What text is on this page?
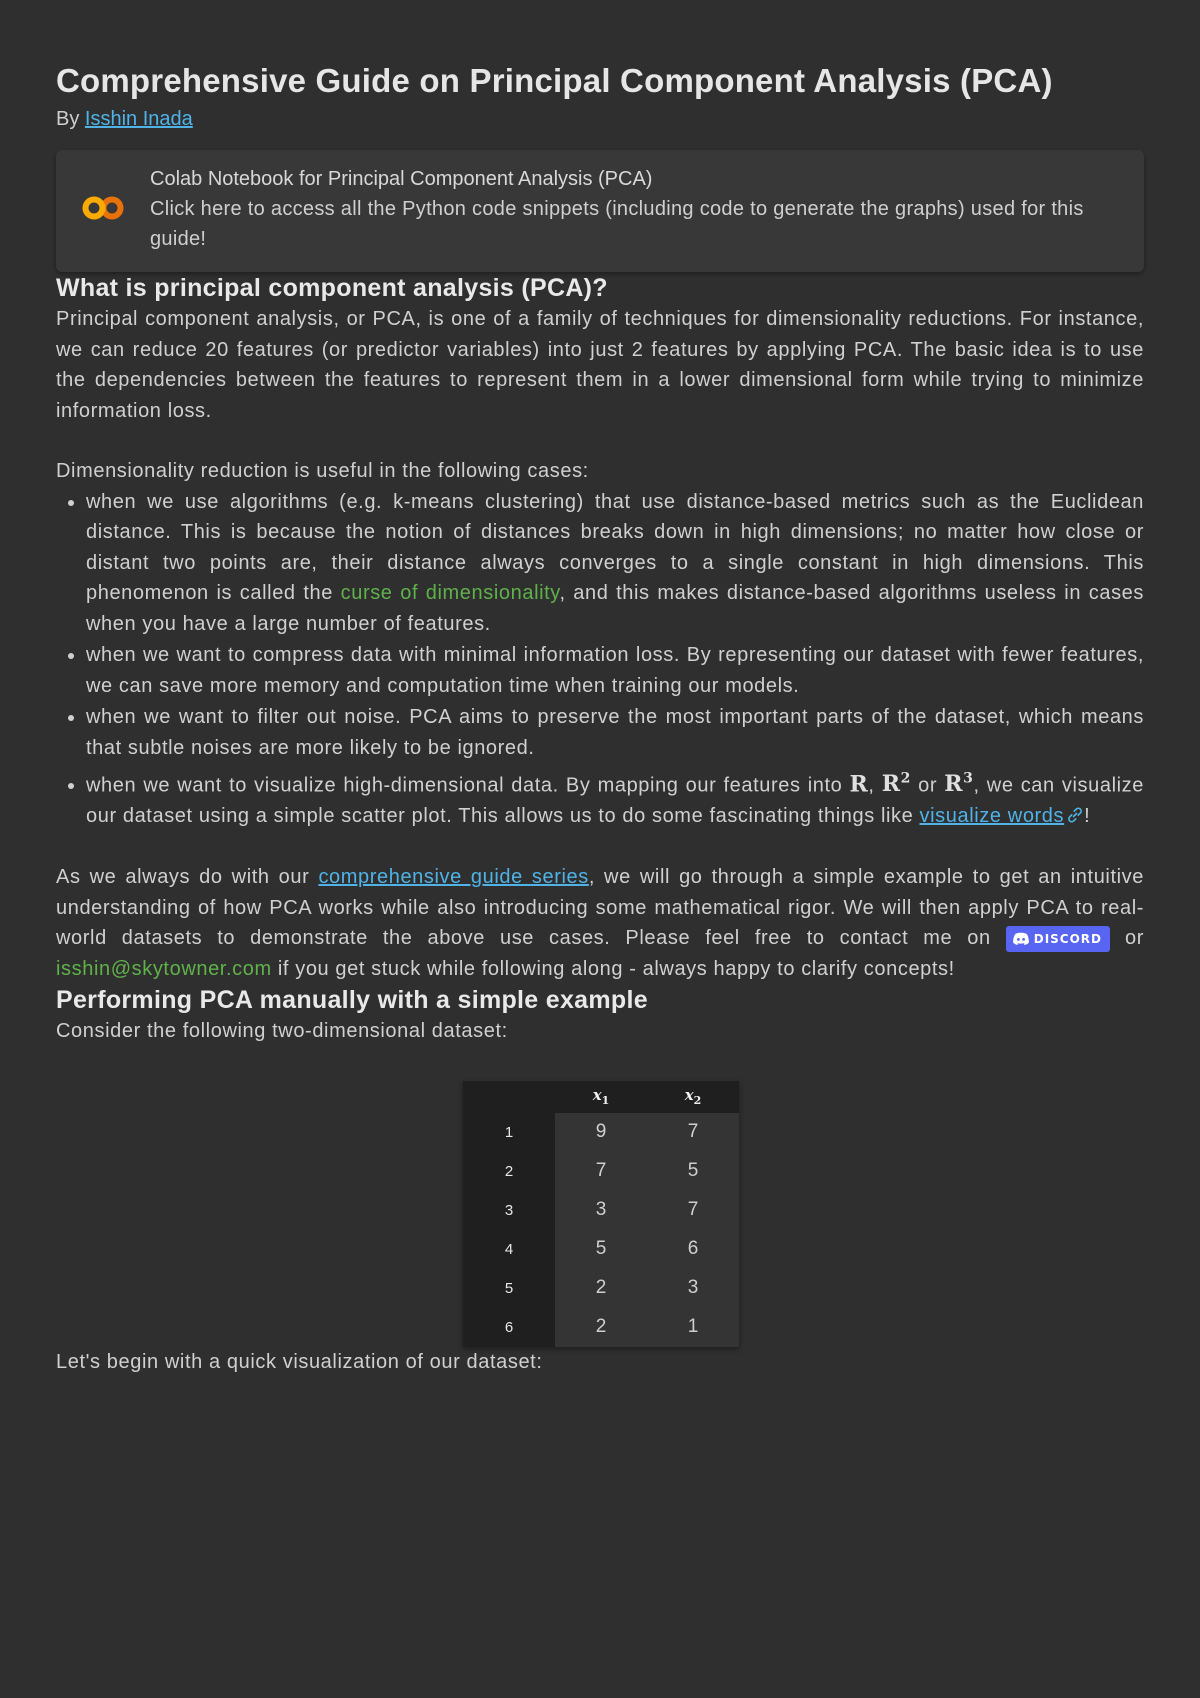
Comprehensive Guide on Principal Component Analysis (PCA)
By Isshin Inada
Colab Notebook for Principal Component Analysis (PCA)
Click here to access all the Python code snippets (including code to generate the graphs) used for this guide!
What is principal component analysis (PCA)?

Principal component analysis, or PCA, is one of a family of techniques for dimensionality reductions. For instance, we can reduce 20 features (or predictor variables) into just 2 features by applying PCA. The basic idea is to use the dependencies between the features to represent them in a lower dimensional form while trying to minimize information loss.

Dimensionality reduction is useful in the following cases:

• when we use algorithms (e.g. k-means clustering) that use distance-based metrics such as the Euclidean distance. This is because the notion of distances breaks down in high dimensions; no matter how close or distant two points are, their distance always converges to a single constant in high dimensions. This phenomenon is called the curse of dimensionality, and this makes distance-based algorithms useless in cases when you have a large number of features.
• when we want to compress data with minimal information loss. By representing our dataset with fewer features, we can save more memory and computation time when training our models.
• when we want to filter out noise. PCA aims to preserve the most important parts of the dataset, which means that subtle noises are more likely to be ignored.
• when we want to visualize high-dimensional data. By mapping our features into R, $R^2$ or $R^3$, we can visualize our dataset using a simple scatter plot. This allows us to do some fascinating things like visualize words !

As we always do with our comprehensive guide series, we will go through a simple example to get an intuitive understanding of how PCA works while also introducing some mathematical rigor. We will then apply PCA to real-world datasets to demonstrate the above use cases. Please feel free to contact me on DISCORD or isshin@skytowner.com if you get stuck while following along - always happy to clarify concepts!

Performing PCA manually with a simple example

Consider the following two-dimensional dataset:

	$x_1$	$x_2$
1	9	7
2	7	5
3	3	7
4	5	6
5	2	3
6	2	1

Let's begin with a quick visualization of our dataset:
